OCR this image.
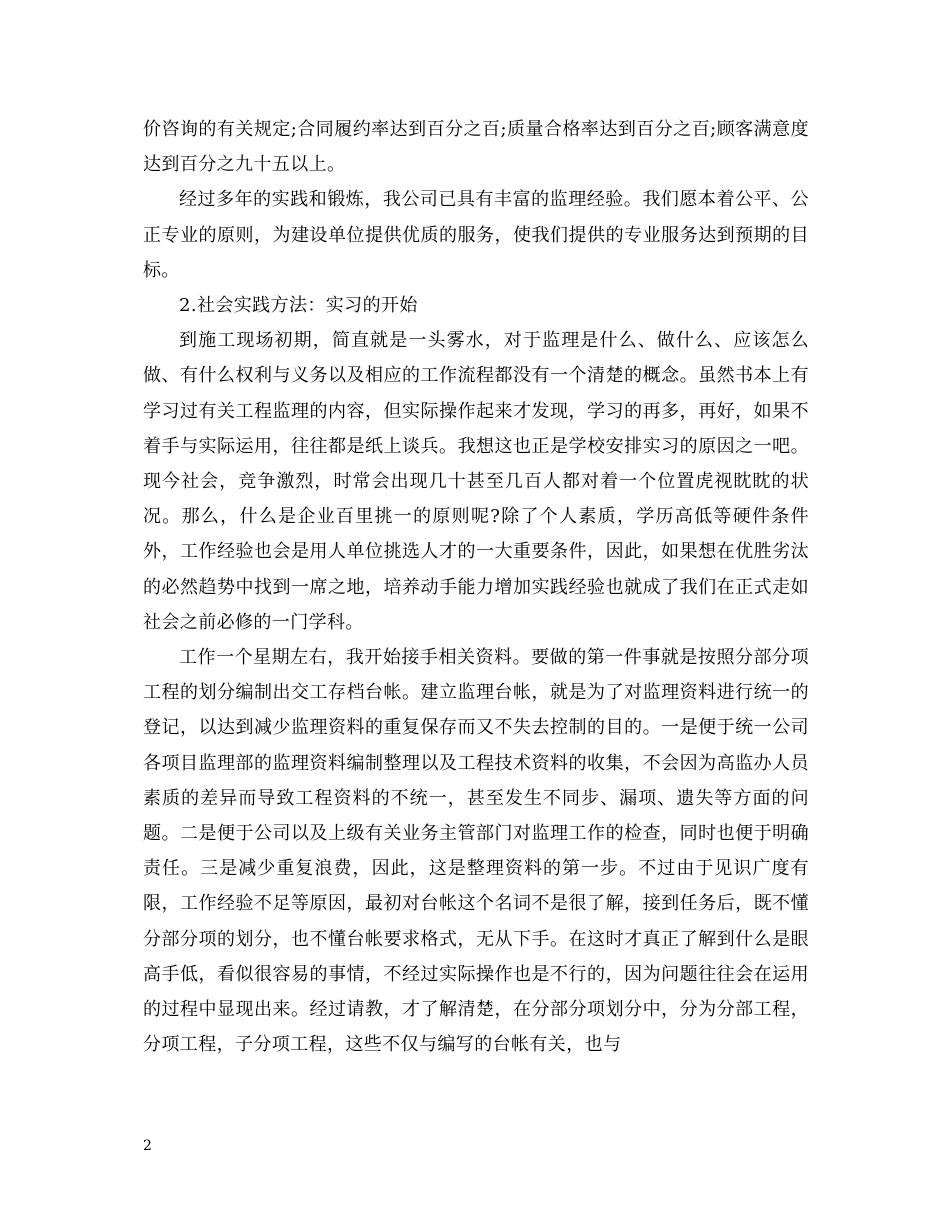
价咨询的有关规定;合同履约率达到百分之百;质量合格率达到百分之百;顾客满意度达到百分之九十五以上。

经过多年的实践和锻炼，我公司已具有丰富的监理经验。我们愿本着公平、公正专业的原则，为建设单位提供优质的服务，使我们提供的专业服务达到预期的目标。

2.社会实践方法：实习的开始

到施工现场初期，简直就是一头雾水，对于监理是什么、做什么、应该怎么做、有什么权利与义务以及相应的工作流程都没有一个清楚的概念。虽然书本上有学习过有关工程监理的内容，但实际操作起来才发现，学习的再多，再好，如果不着手与实际运用，往往都是纸上谈兵。我想这也正是学校安排实习的原因之一吧。现今社会，竞争激烈，时常会出现几十甚至几百人都对着一个位置虎视眈眈的状况。那么，什么是企业百里挑一的原则呢?除了个人素质，学历高低等硬件条件外，工作经验也会是用人单位挑选人才的一大重要条件，因此，如果想在优胜劣汰的必然趋势中找到一席之地，培养动手能力增加实践经验也就成了我们在正式走如社会之前必修的一门学科。

工作一个星期左右，我开始接手相关资料。要做的第一件事就是按照分部分项工程的划分编制出交工存档台帐。建立监理台帐，就是为了对监理资料进行统一的登记，以达到减少监理资料的重复保存而又不失去控制的目的。一是便于统一公司各项目监理部的监理资料编制整理以及工程技术资料的收集，不会因为高监办人员素质的差异而导致工程资料的不统一，甚至发生不同步、漏项、遗失等方面的问题。二是便于公司以及上级有关业务主管部门对监理工作的检查，同时也便于明确责任。三是减少重复浪费，因此，这是整理资料的第一步。不过由于见识广度有限，工作经验不足等原因，最初对台帐这个名词不是很了解，接到任务后，既不懂分部分项的划分，也不懂台帐要求格式，无从下手。在这时才真正了解到什么是眼高手低，看似很容易的事情，不经过实际操作也是不行的，因为问题往往会在运用的过程中显现出来。经过请教，才了解清楚，在分部分项划分中，分为分部工程，分项工程，子分项工程，这些不仅与编写的台帐有关，也与

2
